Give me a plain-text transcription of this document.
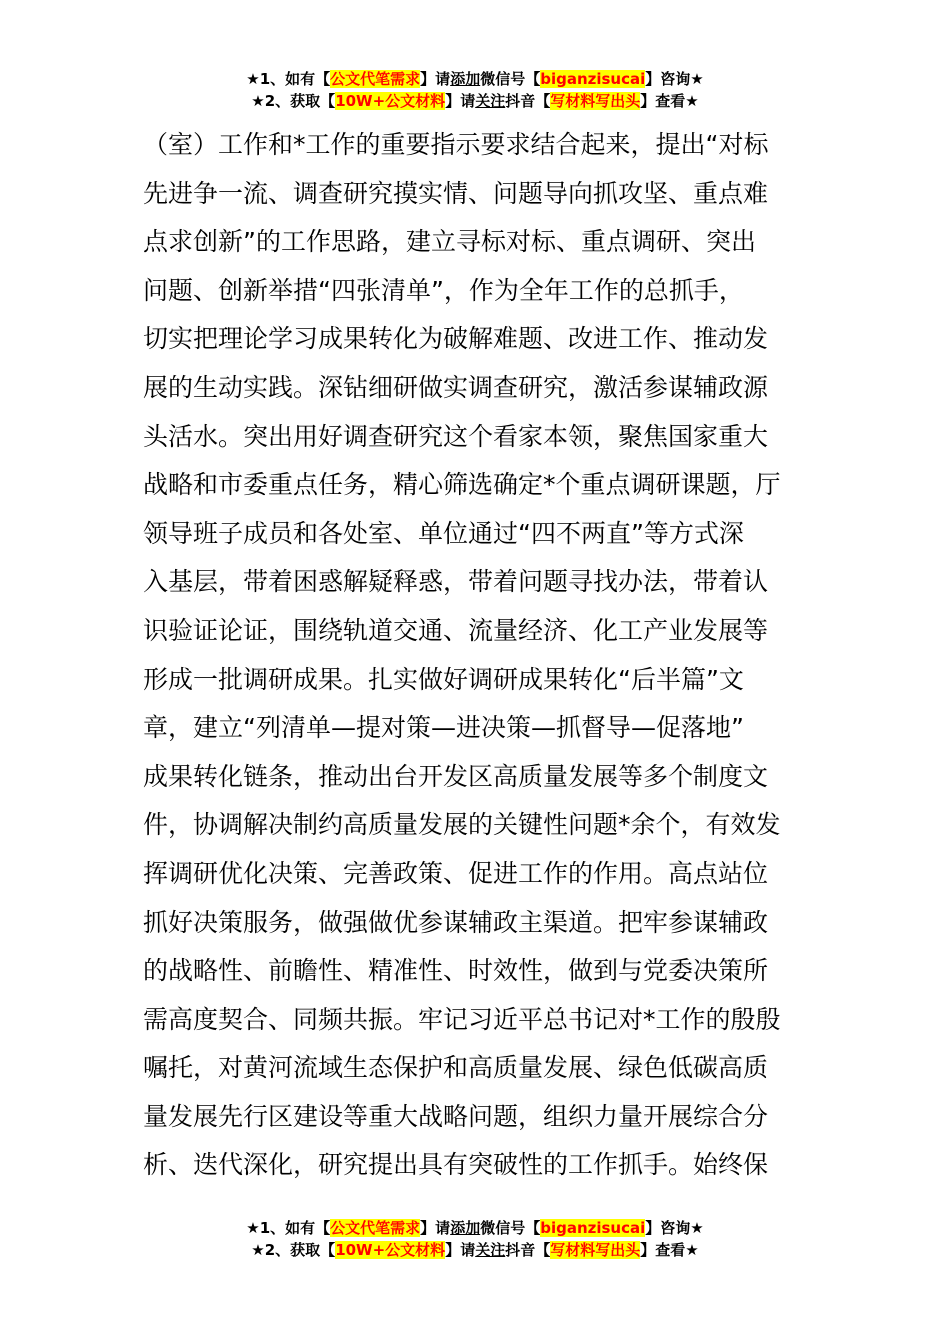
★1、如有【公文代笔需求】请添加微信号【biganzisucai】咨询★
★2、获取【10W+公文材料】请关注抖音【写材料写出头】查看★
（室）工作和*工作的重要指示要求结合起来，提出“对标
先进争一流、调查研究摸实情、问题导向抓攻坚、重点难
点求创新”的工作思路，建立寻标对标、重点调研、突出
问题、创新举措“四张清单”，作为全年工作的总抓手，
切实把理论学习成果转化为破解难题、改进工作、推动发
展的生动实践。深钻细研做实调查研究，激活参谋辅政源
头活水。突出用好调查研究这个看家本领，聚焦国家重大
战略和市委重点任务，精心筛选确定*个重点调研课题，厅
领导班子成员和各处室、单位通过“四不两直”等方式深
入基层，带着困惑解疑释惑，带着问题寻找办法，带着认
识验证论证，围绕轨道交通、流量经济、化工产业发展等
形成一批调研成果。扎实做好调研成果转化“后半篇”文
章，建立“列清单—提对策—进决策—抓督导—促落地”
成果转化链条，推动出台开发区高质量发展等多个制度文
件，协调解决制约高质量发展的关键性问题*余个，有效发
挥调研优化决策、完善政策、促进工作的作用。高点站位
抓好决策服务，做强做优参谋辅政主渠道。把牢参谋辅政
的战略性、前瞻性、精准性、时效性，做到与党委决策所
需高度契合、同频共振。牢记习近平总书记对*工作的殷殷
嘱托，对黄河流域生态保护和高质量发展、绿色低碳高质
量发展先行区建设等重大战略问题，组织力量开展综合分
析、迭代深化，研究提出具有突破性的工作抓手。始终保
★1、如有【公文代笔需求】请添加微信号【biganzisucai】咨询★
★2、获取【10W+公文材料】请关注抖音【写材料写出头】查看★
